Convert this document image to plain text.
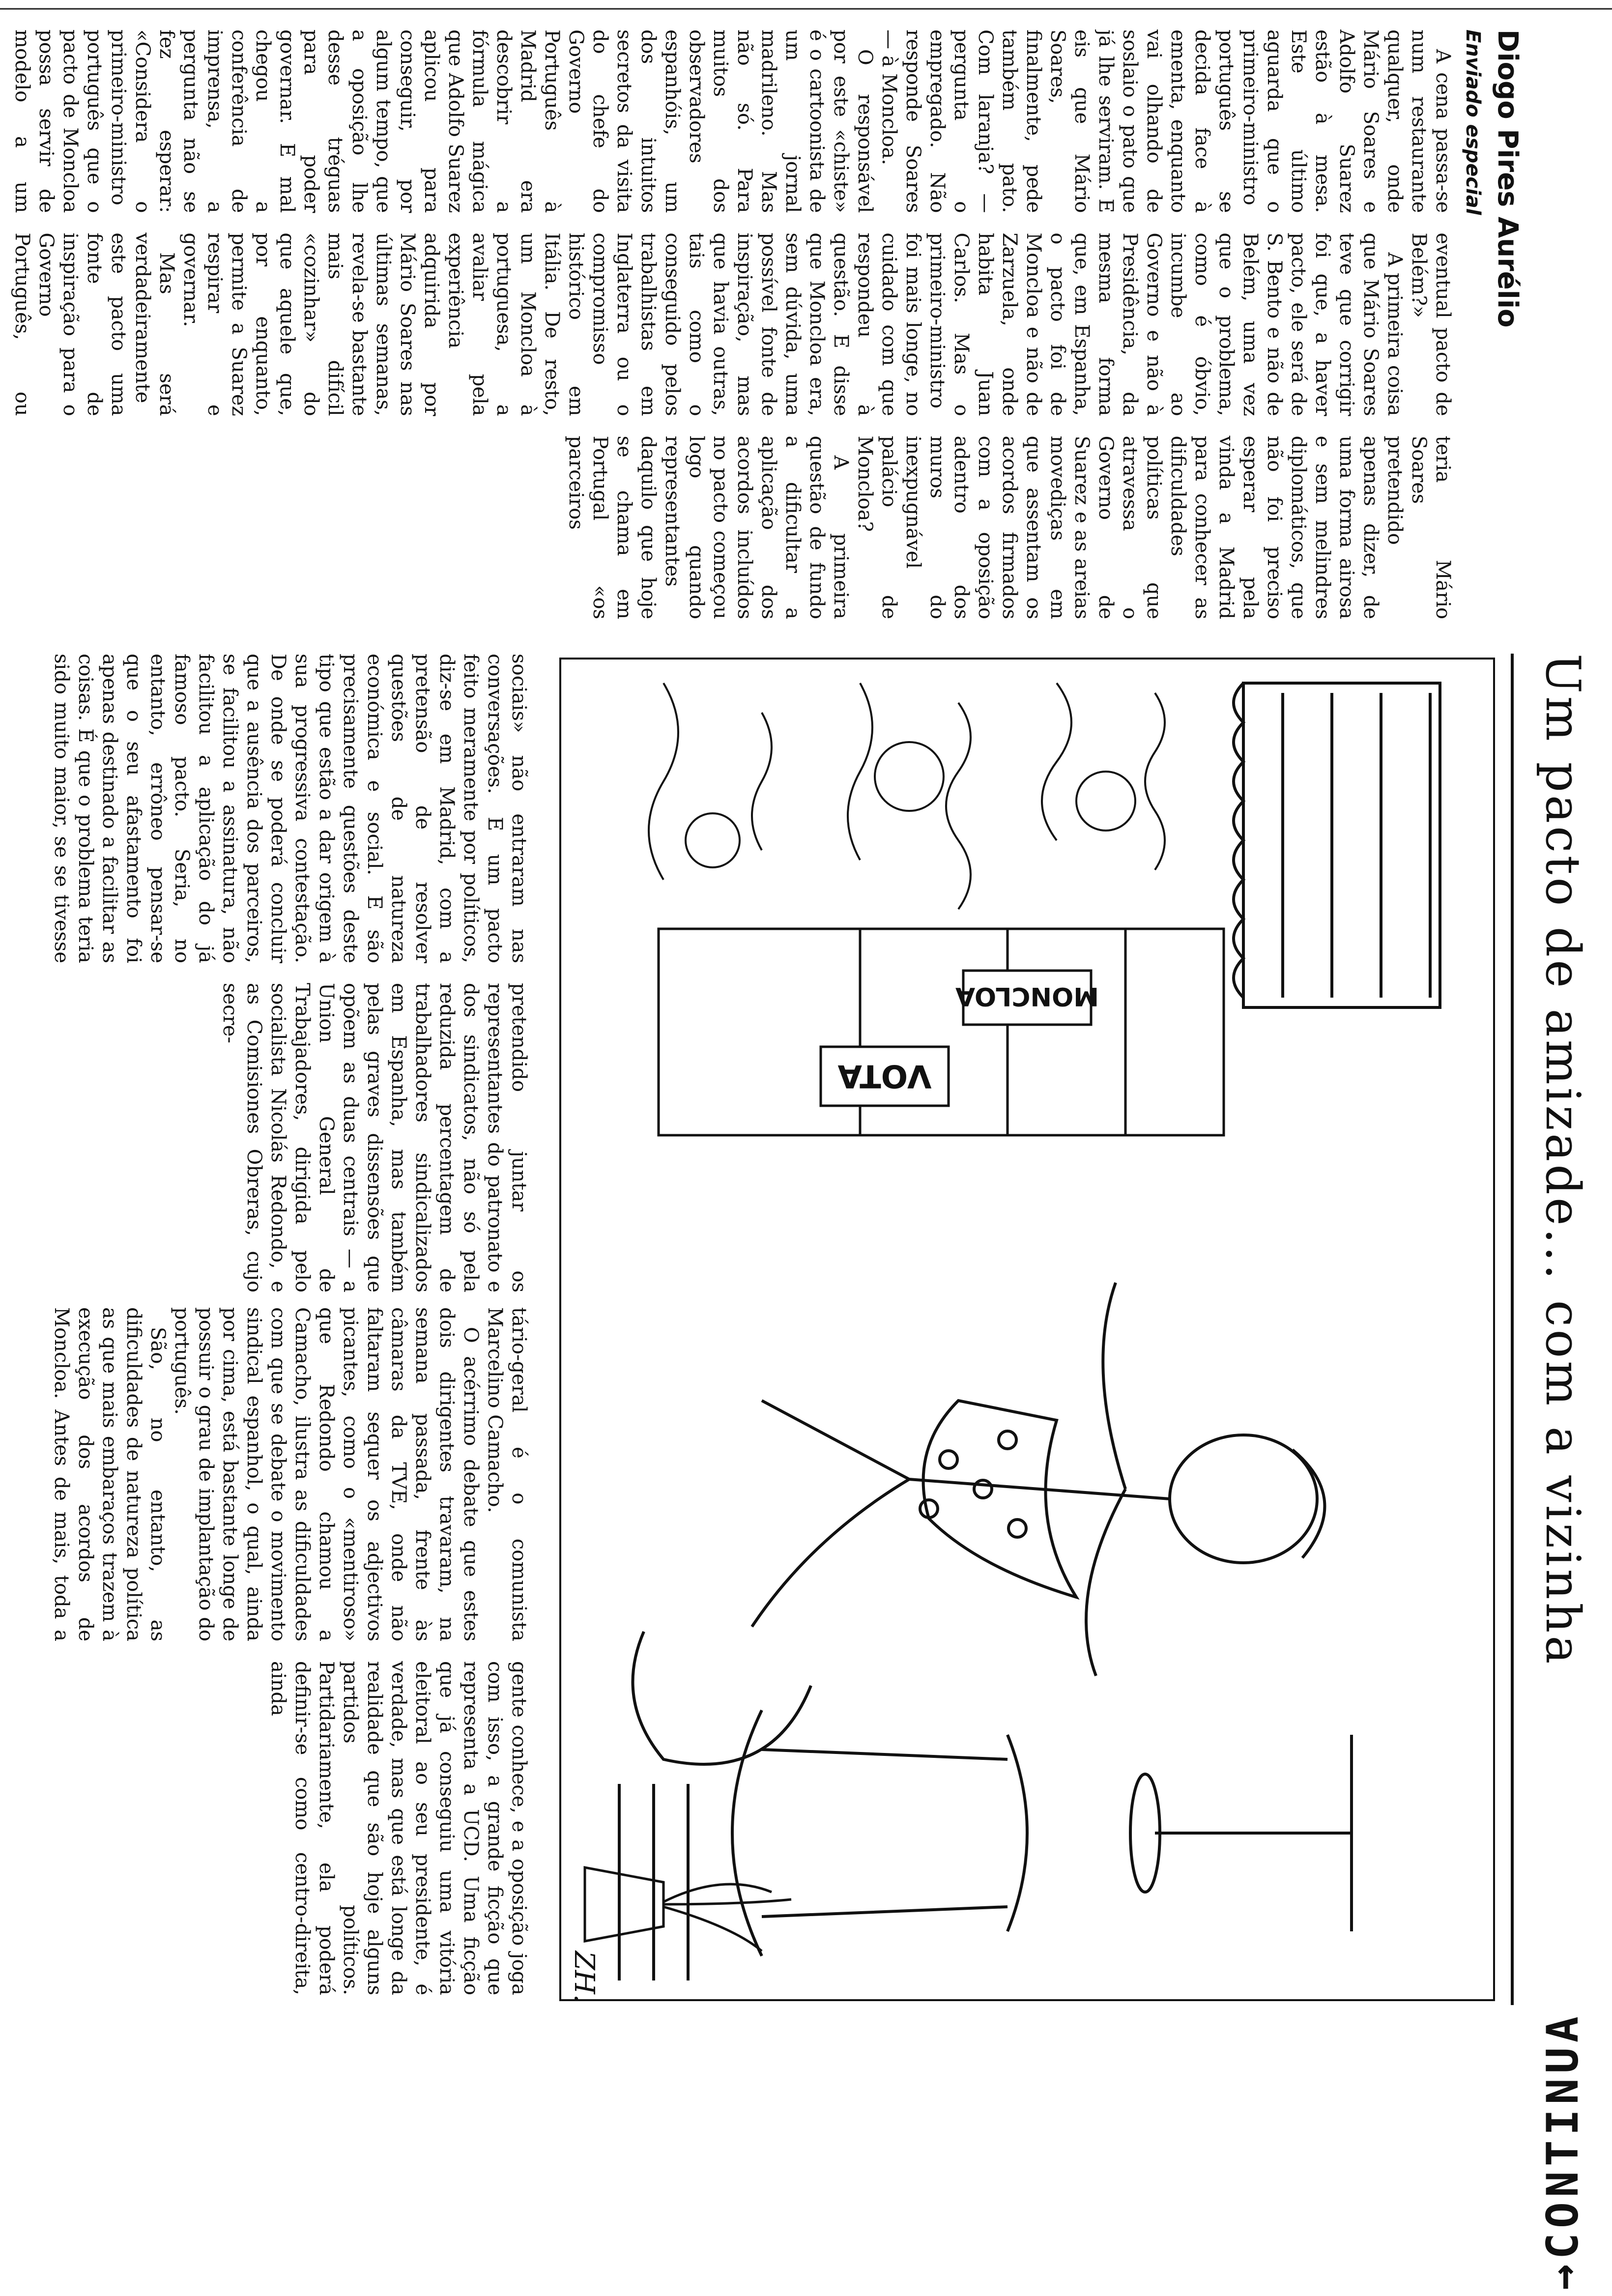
→CONTINUA
Diogo Pires Aurélio
Enviado especial

A cena passa-se num restaurante qualquer, onde Mário Soares e Adolfo Suarez estão à mesa. Este último aguarda que o primeiro-ministro português se decida face à ementa, enquanto vai olhando de soslaio o pato que já lhe serviram. E eis que Mário Soares, finalmente, pede também pato. Com laranja? — pergunta o empregado. Não responde Soares — à Moncloa.

O responsável por este «chiste» é o cartoonista de um jornal madrileno. Mas não só. Para muitos dos observadores espanhóis, um dos intuitos secretos da visita do chefe do Governo Português à Madrid era descobrir a fórmula mágica que Adolfo Suarez aplicou para conseguir, por algum tempo, que a oposição lhe desse tréguas para poder governar. E mal chegou a conferência de imprensa, a pergunta não se fez esperar: «Considera o primeiro-ministro português que o pacto de Moncloa possa servir de modelo a um eventual pacto de Belém?»

A primeira coisa que Mário Soares teve que corrigir foi que, a haver pacto, ele será de S. Bento e não de Belém, uma vez que o problema, como é óbvio, incumbe ao Governo e não à Presidência, da mesma forma que, em Espanha, o pacto foi de Moncloa e não de Zarzuela, onde habita Juan Carlos. Mas o primeiro-ministro foi mais longe, no cuidado com que respondeu à questão. E disse que Moncloa era, sem dúvida, uma possível fonte de inspiração, mas que havia outras, tais como o conseguido pelos trabalhistas em Inglaterra ou o compromisso histórico em Itália. De resto, um Moncloa à portuguesa, a avaliar pela experiência adquirida por Mário Soares nas últimas semanas, revela-se bastante mais difícil «cozinhar» do que aquele que, por enquanto, permite a Suarez respirar e governar.

Mas será verdadeiramente este pacto uma fonte de inspiração para o Governo Português, ou teria Mário Soares pretendido apenas dizer, de uma forma airosa e sem melindres diplomáticos, que não foi preciso esperar pela vinda a Madrid para conhecer as dificuldades políticas que atravessa o Governo de Suarez e as areias movediças em que assentam os acordos firmados com a oposição adentro dos muros do inexpugnável palácio de Moncloa?

A primeira questão de fundo a dificultar a aplicação dos acordos incluídos no pacto começou logo quando representantes daquilo que hoje se chama em Portugal «os parceiros

Um pacto de amizade... com a vizinha
MONCLOA
VOTA
ZH.

sociais» não entraram nas conversações. E um pacto feito meramente por políticos, diz-se em Madrid, com a pretensão de resolver questões de natureza económica e social. E são precisamente questões deste tipo que estão a dar origem à sua progressiva contestação. De onde se poderá concluir que a ausência dos parceiros, se facilitou a assinatura, não facilitou a aplicação do já famoso pacto. Seria, no entanto, errôneo pensar-se que o seu afastamento foi apenas destinado a facilitar as coisas. É que o problema teria sido muito maior, se se tivesse pretendido juntar os representantes do patronato e dos sindicatos, não só pela reduzida percentagem de trabalhadores sindicalizados em Espanha, mas também pelas graves dissensões que opõem as duas centrais — a Union General de Trabajadores, dirigida pelo socialista Nicolás Redondo, e as Comisiones Obreras, cujo secre-

tário-geral é o comunista Marcelino Camacho.

O acérrimo debate que estes dois dirigentes travaram, na semana passada, frente às câmaras da TVE, onde não faltaram sequer os adjectivos picantes, como o «mentiroso» que Redondo chamou a Camacho, ilustra as dificuldades com que se debate o movimento sindical espanhol, o qual, ainda por cima, está bastante longe de possuir o grau de implantação do português.

São, no entanto, as dificuldades de natureza política as que mais embaraços trazem à execução dos acordos de Moncloa. Antes de mais, toda a gente conhece, e a oposição joga com isso, a grande ficção que representa a UCD. Uma ficção que já conseguiu uma vitória eleitoral ao seu presidente, é verdade, mas que está longe da realidade que são hoje alguns partidos políticos. Partidariamente, ela poderá definir-se como centro-direita, ainda
